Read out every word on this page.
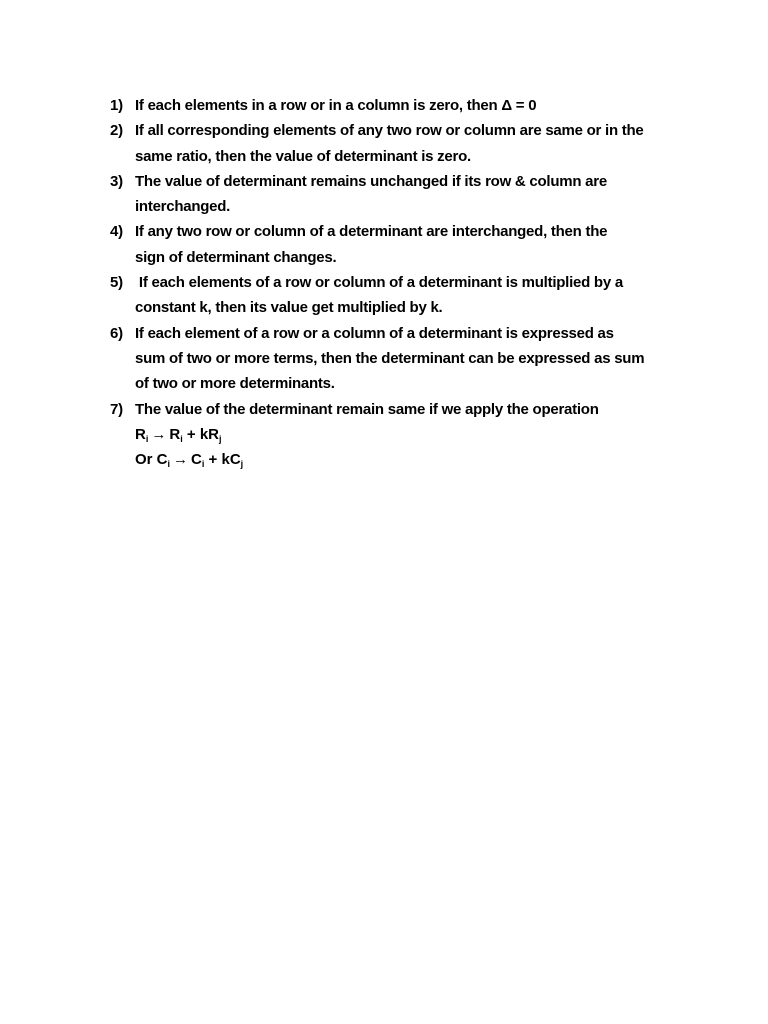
1) If each elements in a row or in a column is zero, then Δ = 0
2) If all corresponding elements of any two row or column are same or in the
same ratio, then the value of determinant is zero.
3) The value of determinant remains unchanged if its row & column are
interchanged.
4) If any two row or column of a determinant are interchanged, then the
sign of determinant changes.
5) If each elements of a row or column of a determinant is multiplied by a
constant k, then its value get multiplied by k.
6) If each element of a row or a column of a determinant is expressed as
sum of two or more terms, then the determinant can be expressed as sum
of two or more determinants.
7) The value of the determinant remain same if we apply the operation
$R_i \to R_i + kR_j$
Or $C_i \to C_i + kC_j$
